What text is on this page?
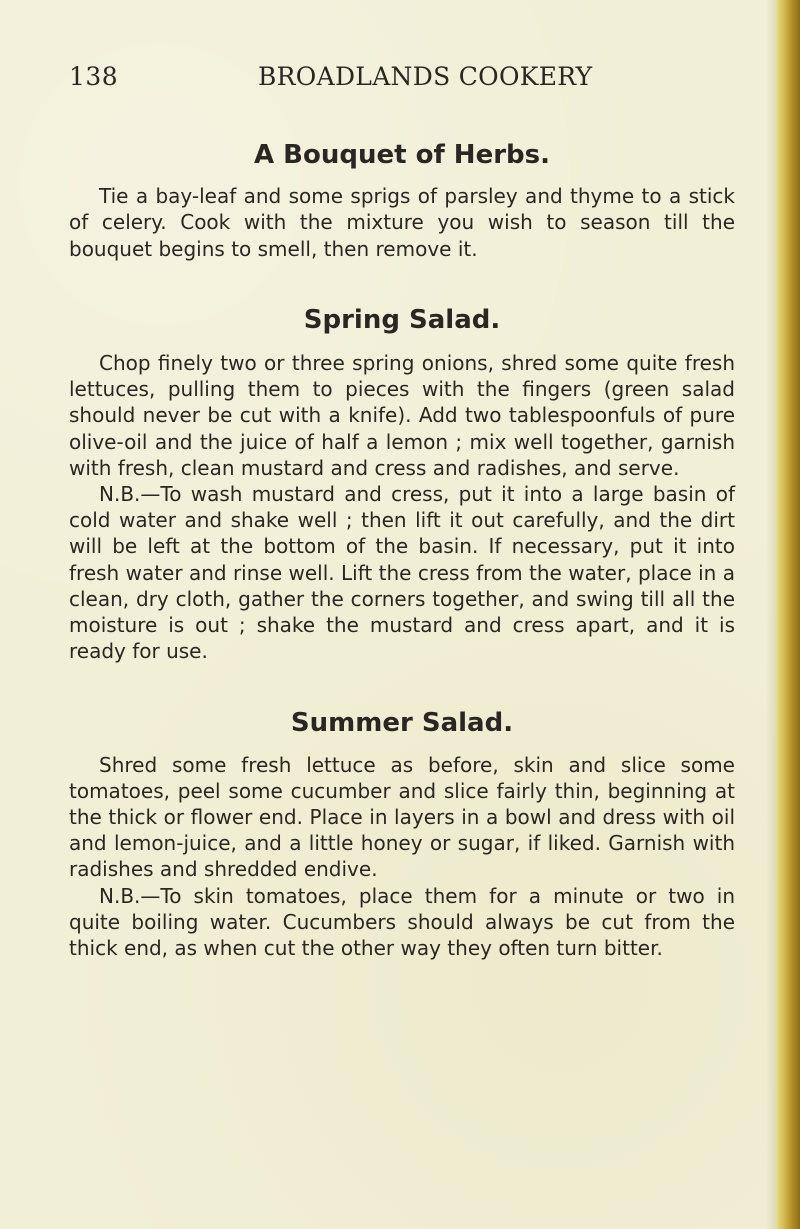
138	BROADLANDS COOKERY
A Bouquet of Herbs.

Tie a bay-leaf and some sprigs of parsley and thyme to a stick of celery. Cook with the mixture you wish to season till the bouquet begins to smell, then remove it.

Spring Salad.

Chop finely two or three spring onions, shred some quite fresh lettuces, pulling them to pieces with the fingers (green salad should never be cut with a knife). Add two tablespoonfuls of pure olive-oil and the juice of half a lemon ; mix well together, garnish with fresh, clean mustard and cress and radishes, and serve.

N.B.—To wash mustard and cress, put it into a large basin of cold water and shake well ; then lift it out carefully, and the dirt will be left at the bottom of the basin. If necessary, put it into fresh water and rinse well. Lift the cress from the water, place in a clean, dry cloth, gather the corners together, and swing till all the moisture is out ; shake the mustard and cress apart, and it is ready for use.

Summer Salad.

Shred some fresh lettuce as before, skin and slice some tomatoes, peel some cucumber and slice fairly thin, beginning at the thick or flower end. Place in layers in a bowl and dress with oil and lemon-juice, and a little honey or sugar, if liked. Garnish with radishes and shredded endive.

N.B.—To skin tomatoes, place them for a minute or two in quite boiling water. Cucumbers should always be cut from the thick end, as when cut the other way they often turn bitter.
